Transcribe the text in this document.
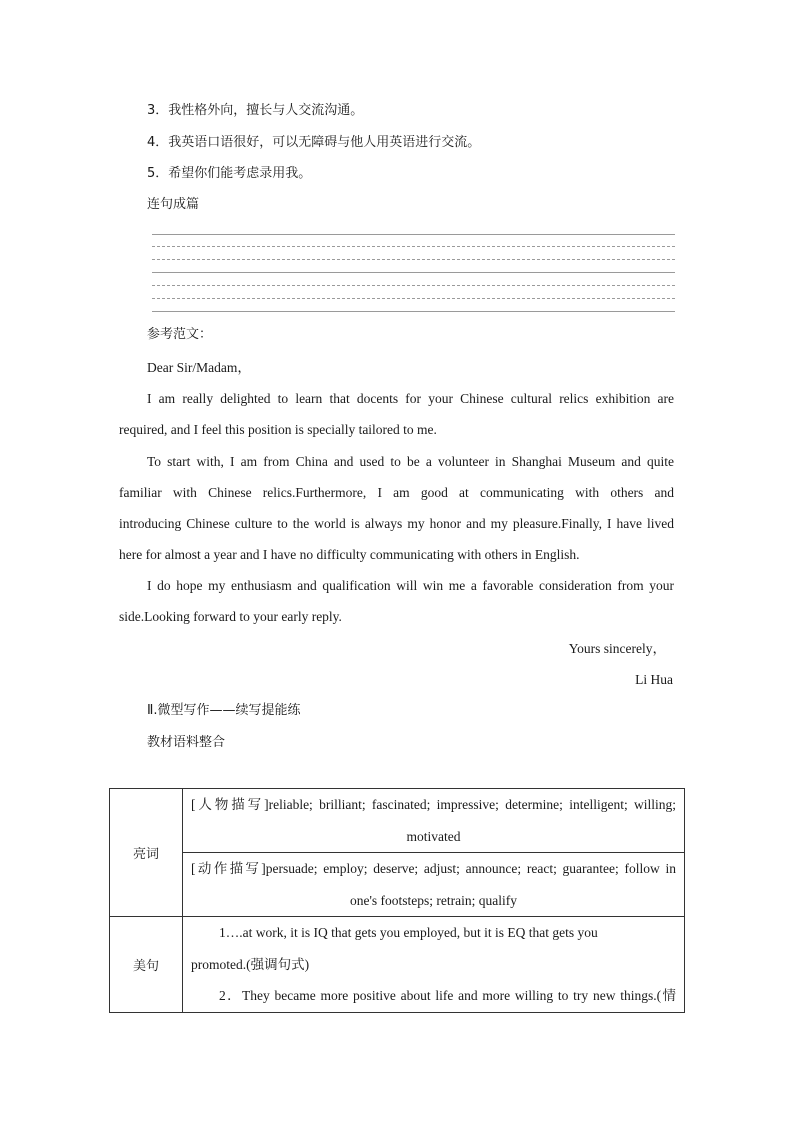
3．我性格外向，擅长与人交流沟通。
4．我英语口语很好，可以无障碍与他人用英语进行交流。
5．希望你们能考虑录用我。
连句成篇
参考范文：
Dear Sir/Madam，
I am really delighted to learn that docents for your Chinese cultural relics exhibition are
required, and I feel this position is specially tailored to me.
To start with, I am from China and used to be a volunteer in Shanghai Museum and quite
familiar with Chinese relics.Furthermore, I am good at communicating with others and
introducing Chinese culture to the world is always my honor and my pleasure.Finally, I have lived
here for almost a year and I have no difficulty communicating with others in English.
I do hope my enthusiasm and qualification will win me a favorable consideration from your
side.Looking forward to your early reply.
Yours sincerely，
Li Hua
Ⅱ.微型写作——续写提能练
教材语料整合
亮词	[人物描写]reliable; brilliant; fascinated; impressive; determine; intelligent; willing;
motivated

	[动作描写]persuade; employ; deserve; adjust; announce; react; guarantee; follow in
one's footsteps; retrain; qualify

美句	1….at work, it is IQ that gets you employed, but it is EQ that gets you
promoted.(强调句式)
2．They became more positive about life and more willing to try new things.(情
